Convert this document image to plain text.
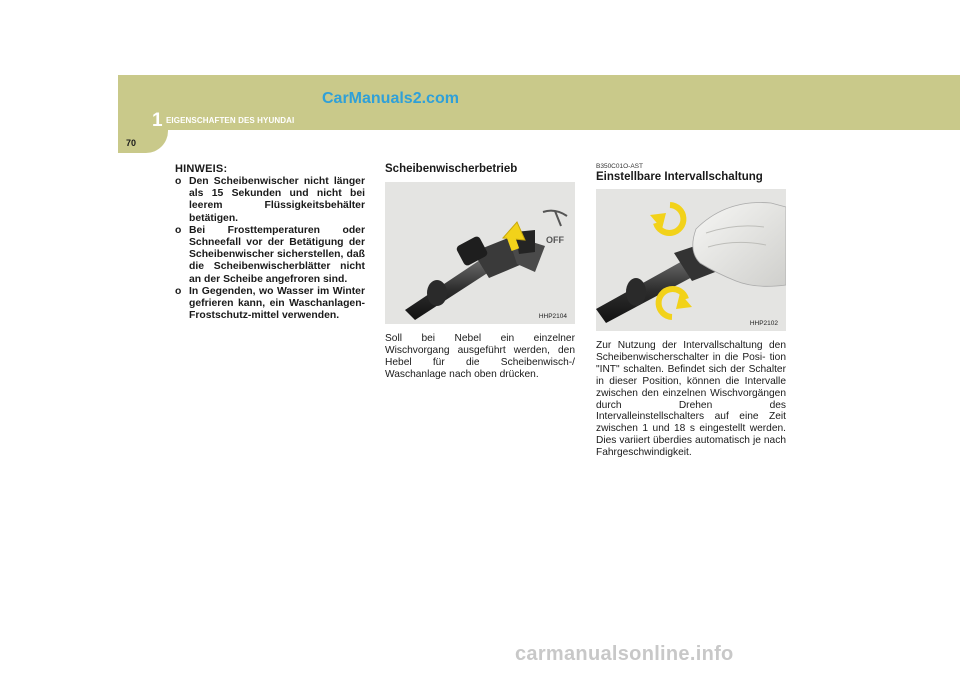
1 EIGENSCHAFTEN DES HYUNDAI
CarManuals2.com
70
HINWEIS:
o Den Scheibenwischer nicht länger als 15 Sekunden und nicht bei leerem Flüssigkeitsbehälter betätigen.
o Bei Frosttemperaturen oder Schneefall vor der Betätigung der Scheibenwischer sicherstellen, daß die Scheibenwischerblätter nicht an der Scheibe angefroren sind.
o In Gegenden, wo Wasser im Winter gefrieren kann, ein Waschanlagen-Frostschutz-mittel verwenden.
Scheibenwischerbetrieb
OFF
HHP2104

Soll bei Nebel ein einzelner Wischvorgang ausgeführt werden, den Hebel für die Scheibenwisch-/ Waschanlage nach oben drücken.

B350C01O-AST
Einstellbare Intervallschaltung
HHP2102

Zur Nutzung der Intervallschaltung den Scheibenwischerschalter in die Posi- tion "INT" schalten. Befindet sich der Schalter in dieser Position, können die Intervalle zwischen den einzelnen Wischvorgängen durch Drehen des Intervalleinstellschalters auf eine Zeit zwischen 1 und 18 s eingestellt werden. Dies variiert überdies automatisch je nach Fahrgeschwindigkeit.

carmanualsonline.info
